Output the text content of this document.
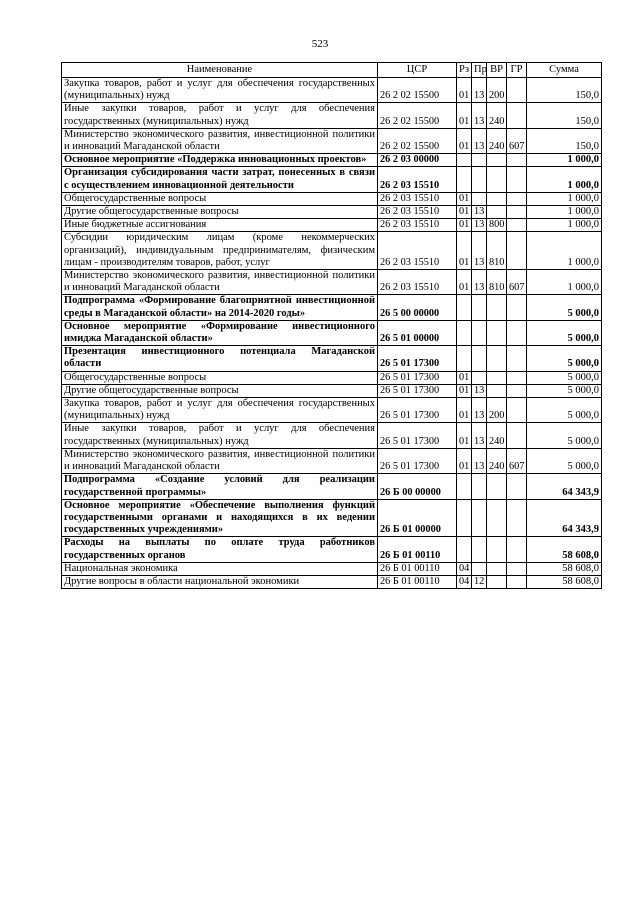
523
Наименование	ЦСР	Рз	Пр	ВР	ГР	Сумма
Закупка товаров, работ и услуг для обеспечения государственных (муниципальных) нужд	26 2 02 15500	01	13	200		150,0
Иные закупки товаров, работ и услуг для обеспечения государственных (муниципальных) нужд	26 2 02 15500	01	13	240		150,0
Министерство экономического развития, инвестиционной политики и инноваций Магаданской области	26 2 02 15500	01	13	240	607	150,0
Основное мероприятие «Поддержка инновационных проектов»	26 2 03 00000					1 000,0
Организация субсидирования части затрат, понесенных в связи с осуществлением инновационной деятельности	26 2 03 15510					1 000,0
Общегосударственные вопросы	26 2 03 15510	01				1 000,0
Другие общегосударственные вопросы	26 2 03 15510	01	13			1 000,0
Иные бюджетные ассигнования	26 2 03 15510	01	13	800		1 000,0
Субсидии юридическим лицам (кроме некоммерческих организаций), индивидуальным предпринимателям, физическим лицам - производителям товаров, работ, услуг	26 2 03 15510	01	13	810		1 000,0
Министерство экономического развития, инвестиционной политики и инноваций Магаданской области	26 2 03 15510	01	13	810	607	1 000,0
Подпрограмма «Формирование благоприятной инвестиционной среды в Магаданской области» на 2014-2020 годы»	26 5 00 00000					5 000,0
Основное мероприятие «Формирование инвестиционного имиджа Магаданской области»	26 5 01 00000					5 000,0
Презентация инвестиционного потенциала Магаданской области	26 5 01 17300					5 000,0
Общегосударственные вопросы	26 5 01 17300	01				5 000,0
Другие общегосударственные вопросы	26 5 01 17300	01	13			5 000,0
Закупка товаров, работ и услуг для обеспечения государственных (муниципальных) нужд	26 5 01 17300	01	13	200		5 000,0
Иные закупки товаров, работ и услуг для обеспечения государственных (муниципальных) нужд	26 5 01 17300	01	13	240		5 000,0
Министерство экономического развития, инвестиционной политики и инноваций Магаданской области	26 5 01 17300	01	13	240	607	5 000,0
Подпрограмма «Создание условий для реализации государственной программы»	26 Б 00 00000					64 343,9
Основное мероприятие «Обеспечение выполнения функций государственными органами и находящихся в их ведении государственных учреждениями»	26 Б 01 00000					64 343,9
Расходы на выплаты по оплате труда работников государственных органов	26 Б 01 00110					58 608,0
Национальная экономика	26 Б 01 00110	04				58 608,0
Другие вопросы в области национальной экономики	26 Б 01 00110	04	12			58 608,0
